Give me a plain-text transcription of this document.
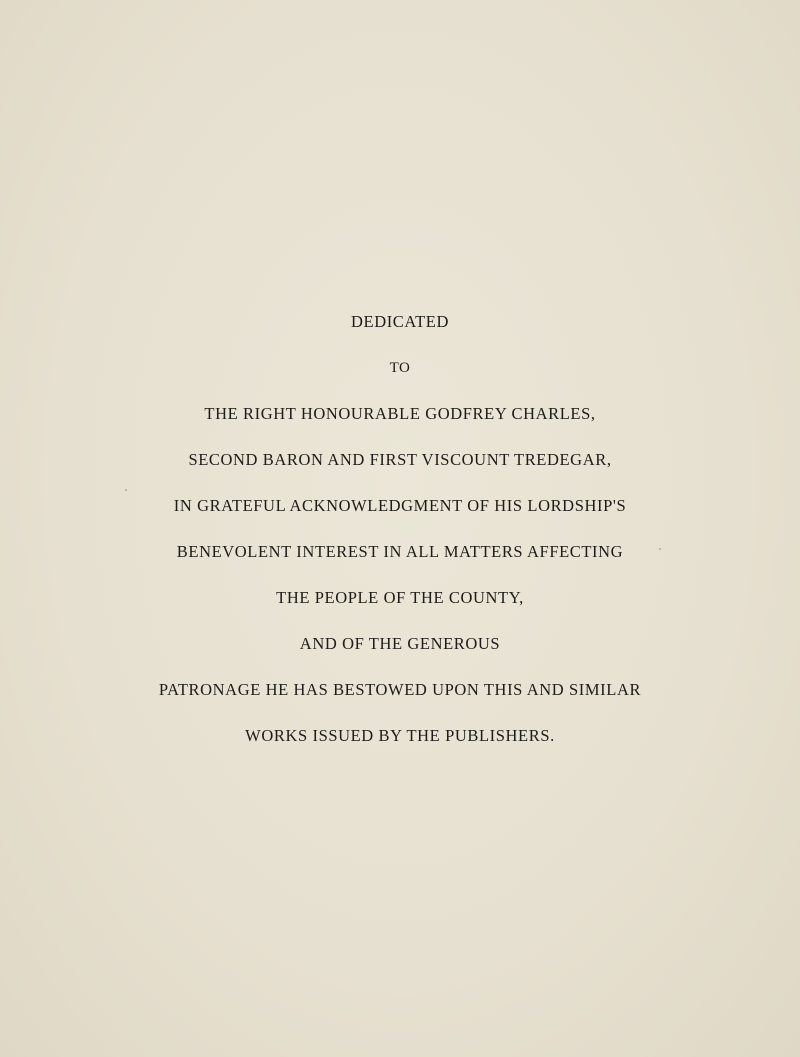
DEDICATED
TO
THE RIGHT HONOURABLE GODFREY CHARLES,
SECOND BARON AND FIRST VISCOUNT TREDEGAR,
IN GRATEFUL ACKNOWLEDGMENT OF HIS LORDSHIP'S
BENEVOLENT INTEREST IN ALL MATTERS AFFECTING
THE PEOPLE OF THE COUNTY,
AND OF THE GENEROUS
PATRONAGE HE HAS BESTOWED UPON THIS AND SIMILAR
WORKS ISSUED BY THE PUBLISHERS.
